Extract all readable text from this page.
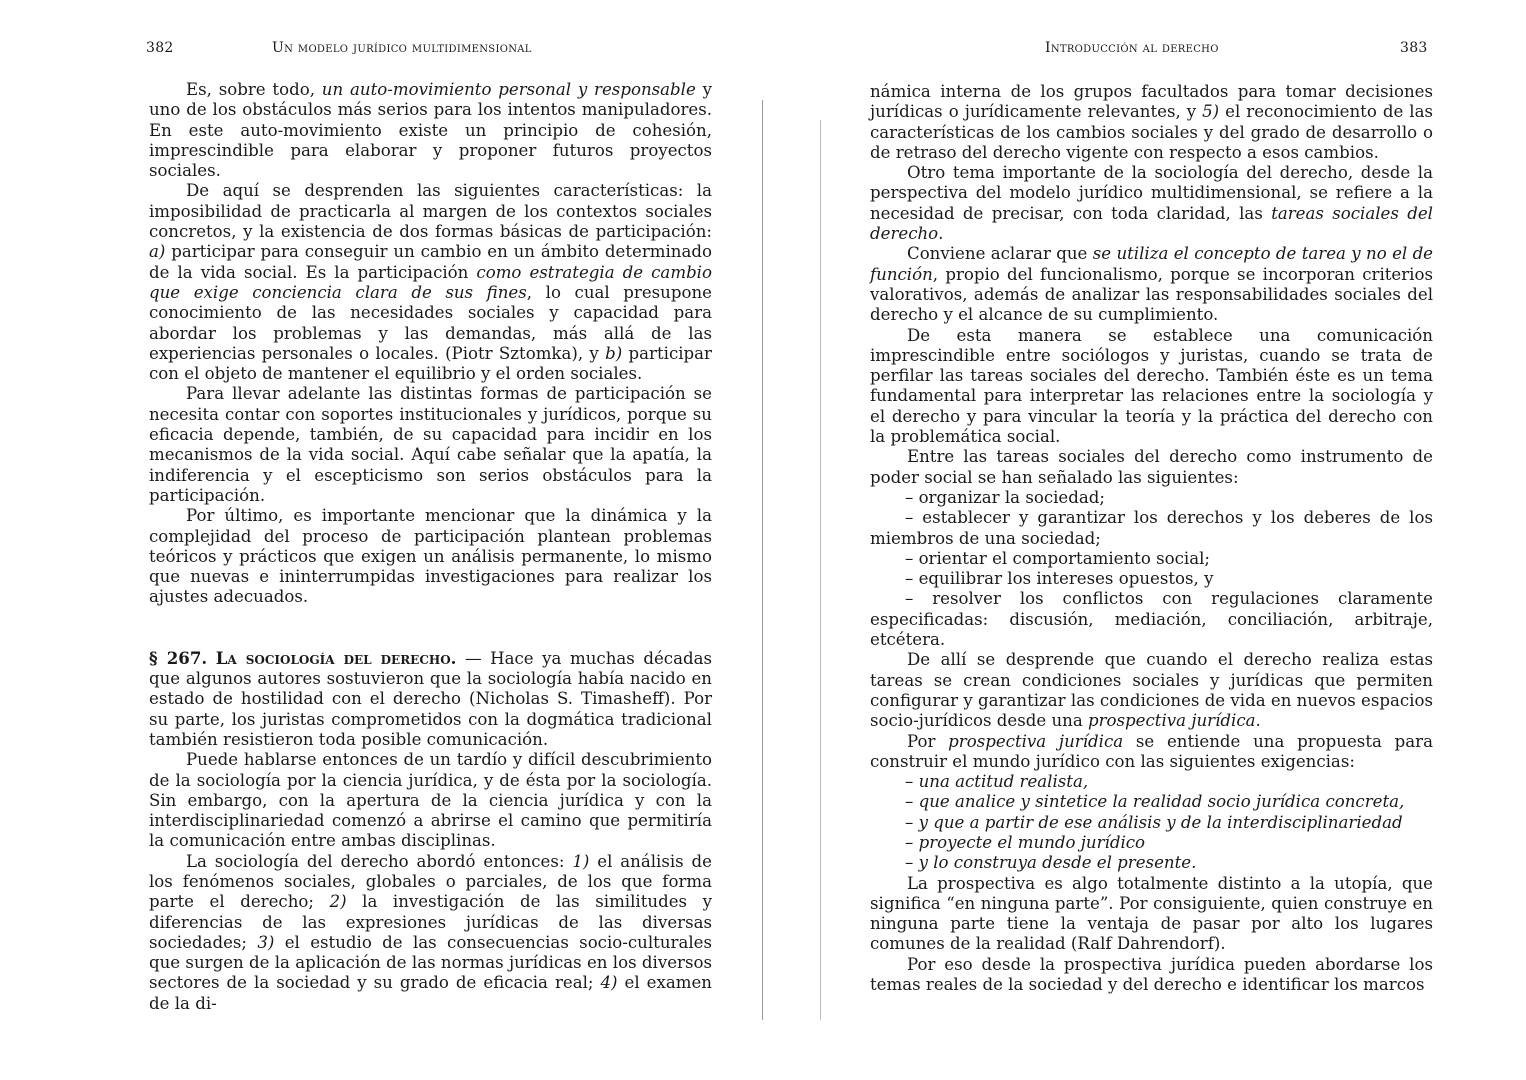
382	Un modelo jurídico multidimensional

Es, sobre todo, un auto-movimiento personal y responsable y uno de los obstáculos más serios para los intentos manipuladores. En este auto-movimiento existe un principio de cohesión, imprescindible para elaborar y proponer futuros proyectos sociales.

De aquí se desprenden las siguientes características: la imposibilidad de practicarla al margen de los contextos sociales concretos, y la existencia de dos formas básicas de participación: a) participar para conseguir un cambio en un ámbito determinado de la vida social. Es la participación como estrategia de cambio que exige conciencia clara de sus fines, lo cual presupone conocimiento de las necesidades sociales y capacidad para abordar los problemas y las demandas, más allá de las experiencias personales o locales. (Piotr Sztomka), y b) participar con el objeto de mantener el equilibrio y el orden sociales.

Para llevar adelante las distintas formas de participación se necesita contar con soportes institucionales y jurídicos, porque su eficacia depende, también, de su capacidad para incidir en los mecanismos de la vida social. Aquí cabe señalar que la apatía, la indiferencia y el escepticismo son serios obstáculos para la participación.

Por último, es importante mencionar que la dinámica y la complejidad del proceso de participación plantean problemas teóricos y prácticos que exigen un análisis permanente, lo mismo que nuevas e ininterrumpidas investigaciones para realizar los ajustes adecuados.

§ 267. La sociología del derecho. — Hace ya muchas décadas que algunos autores sostuvieron que la sociología había nacido en estado de hostilidad con el derecho (Nicholas S. Timasheff). Por su parte, los juristas comprometidos con la dogmática tradicional también resistieron toda posible comunicación.

Puede hablarse entonces de un tardío y difícil descubrimiento de la sociología por la ciencia jurídica, y de ésta por la sociología. Sin embargo, con la apertura de la ciencia jurídica y con la interdisciplinariedad comenzó a abrirse el camino que permitiría la comunicación entre ambas disciplinas.

La sociología del derecho abordó entonces: 1) el análisis de los fenómenos sociales, globales o parciales, de los que forma parte el derecho; 2) la investigación de las similitudes y diferencias de las expresiones jurídicas de las diversas sociedades; 3) el estudio de las consecuencias socio-culturales que surgen de la aplicación de las normas jurídicas en los diversos sectores de la sociedad y su grado de eficacia real; 4) el examen de la di-

Introducción al derecho	383

námica interna de los grupos facultados para tomar decisiones jurídicas o jurídicamente relevantes, y 5) el reconocimiento de las características de los cambios sociales y del grado de desarrollo o de retraso del derecho vigente con respecto a esos cambios.

Otro tema importante de la sociología del derecho, desde la perspectiva del modelo jurídico multidimensional, se refiere a la necesidad de precisar, con toda claridad, las tareas sociales del derecho.

Conviene aclarar que se utiliza el concepto de tarea y no el de función, propio del funcionalismo, porque se incorporan criterios valorativos, además de analizar las responsabilidades sociales del derecho y el alcance de su cumplimiento.

De esta manera se establece una comunicación imprescindible entre sociólogos y juristas, cuando se trata de perfilar las tareas sociales del derecho. También éste es un tema fundamental para interpretar las relaciones entre la sociología y el derecho y para vincular la teoría y la práctica del derecho con la problemática social.

Entre las tareas sociales del derecho como instrumento de poder social se han señalado las siguientes:

– organizar la sociedad;

– establecer y garantizar los derechos y los deberes de los miembros de una sociedad;

– orientar el comportamiento social;

– equilibrar los intereses opuestos, y

– resolver los conflictos con regulaciones claramente especificadas: discusión, mediación, conciliación, arbitraje, etcétera.

De allí se desprende que cuando el derecho realiza estas tareas se crean condiciones sociales y jurídicas que permiten configurar y garantizar las condiciones de vida en nuevos espacios socio-jurídicos desde una prospectiva jurídica.

Por prospectiva jurídica se entiende una propuesta para construir el mundo jurídico con las siguientes exigencias:

– una actitud realista,

– que analice y sintetice la realidad socio jurídica concreta,

– y que a partir de ese análisis y de la interdisciplinariedad

– proyecte el mundo jurídico

– y lo construya desde el presente.

La prospectiva es algo totalmente distinto a la utopía, que significa “en ninguna parte”. Por consiguiente, quien construye en ninguna parte tiene la ventaja de pasar por alto los lugares comunes de la realidad (Ralf Dahrendorf).

Por eso desde la prospectiva jurídica pueden abordarse los temas reales de la sociedad y del derecho e identificar los marcos
